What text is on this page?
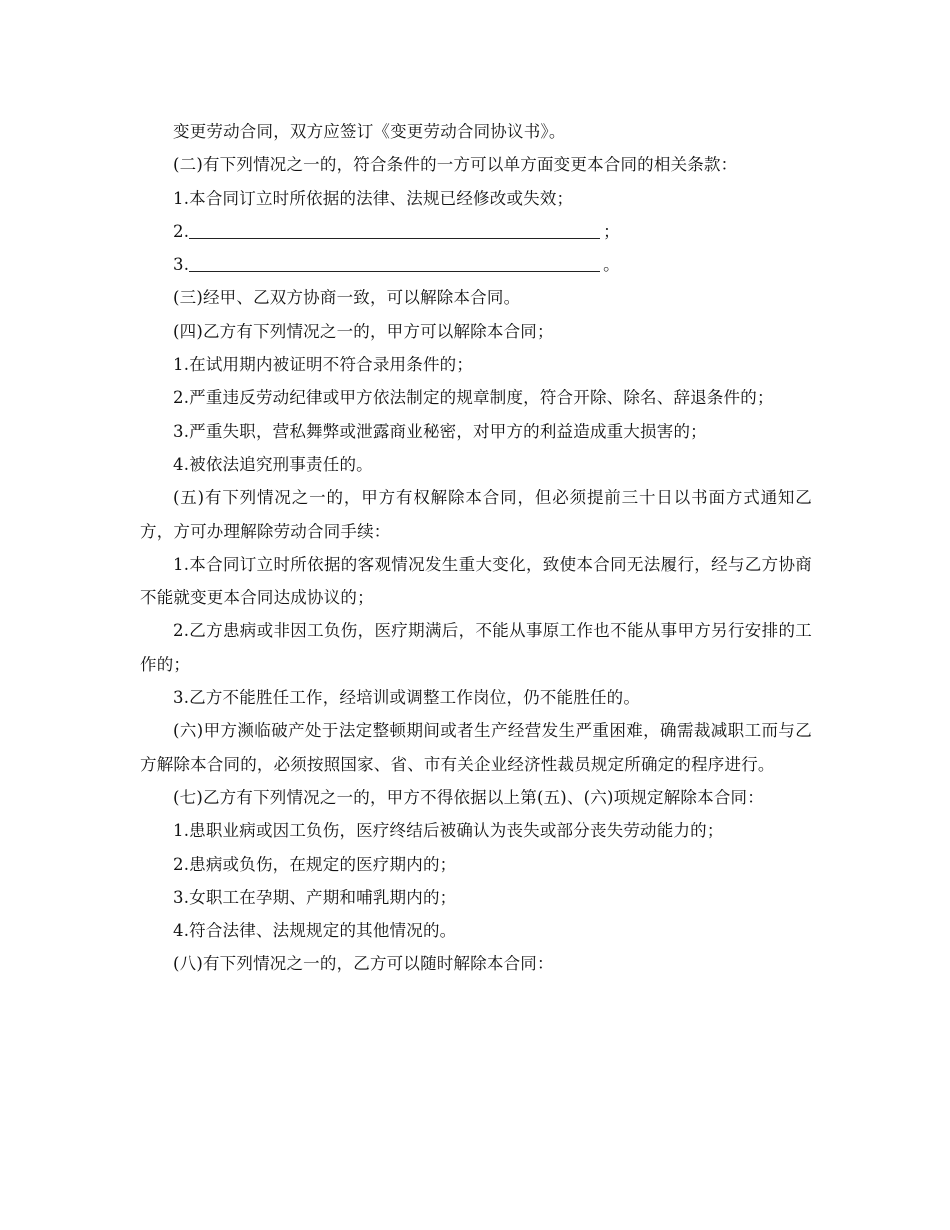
变更劳动合同，双方应签订《变更劳动合同协议书》。

(二)有下列情况之一的，符合条件的一方可以单方面变更本合同的相关条款：

1.本合同订立时所依据的法律、法规已经修改或失效；

2.	；

3.	。

(三)经甲、乙双方协商一致，可以解除本合同。

(四)乙方有下列情况之一的，甲方可以解除本合同；

1.在试用期内被证明不符合录用条件的；

2.严重违反劳动纪律或甲方依法制定的规章制度，符合开除、除名、辞退条件的；

3.严重失职，营私舞弊或泄露商业秘密，对甲方的利益造成重大损害的；

4.被依法追究刑事责任的。

(五)有下列情况之一的，甲方有权解除本合同，但必须提前三十日以书面方式通知乙方，方可办理解除劳动合同手续：

1.本合同订立时所依据的客观情况发生重大变化，致使本合同无法履行，经与乙方协商不能就变更本合同达成协议的；

2.乙方患病或非因工负伤，医疗期满后，不能从事原工作也不能从事甲方另行安排的工作的；

3.乙方不能胜任工作，经培训或调整工作岗位，仍不能胜任的。

(六)甲方濒临破产处于法定整顿期间或者生产经营发生严重困难，确需裁减职工而与乙方解除本合同的，必须按照国家、省、市有关企业经济性裁员规定所确定的程序进行。

(七)乙方有下列情况之一的，甲方不得依据以上第(五)、(六)项规定解除本合同：

1.患职业病或因工负伤，医疗终结后被确认为丧失或部分丧失劳动能力的；

2.患病或负伤，在规定的医疗期内的；

3.女职工在孕期、产期和哺乳期内的；

4.符合法律、法规规定的其他情况的。

(八)有下列情况之一的，乙方可以随时解除本合同：
